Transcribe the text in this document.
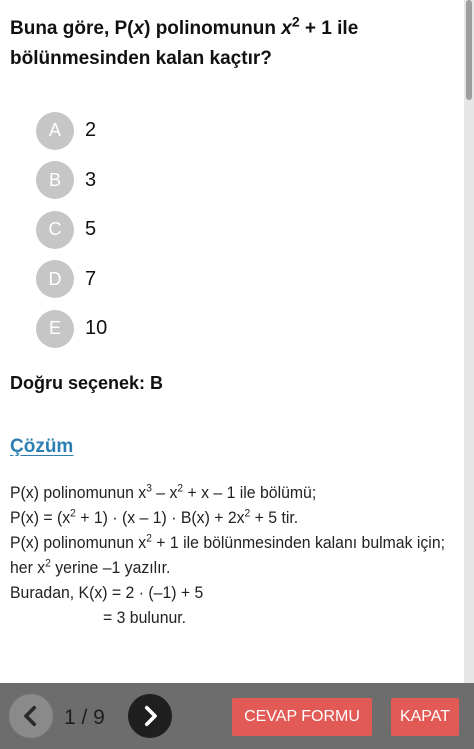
Buna göre, P(x) polinomunun $x^2 + 1$ ile
bölünmesinden kalan kaçtır?
A	2
B	3
C	5
D	7
E	10
Doğru seçenek: B
Çözüm
P(x) polinomunun $x^3 - x^2 + x - 1$ ile bölümü;
$P(x) = (x^2 + 1) \cdot (x - 1) \cdot B(x) + 2x^2 + 5$ tir.
P(x) polinomunun $x^2 + 1$ ile bölünmesinden kalanı bulmak için;
her $x^2$ yerine –1 yazılır.
Buradan, K(x) = 2 · (–1) + 5
= 3 bulunur.
1 / 9	CEVAP FORMU	KAPAT
